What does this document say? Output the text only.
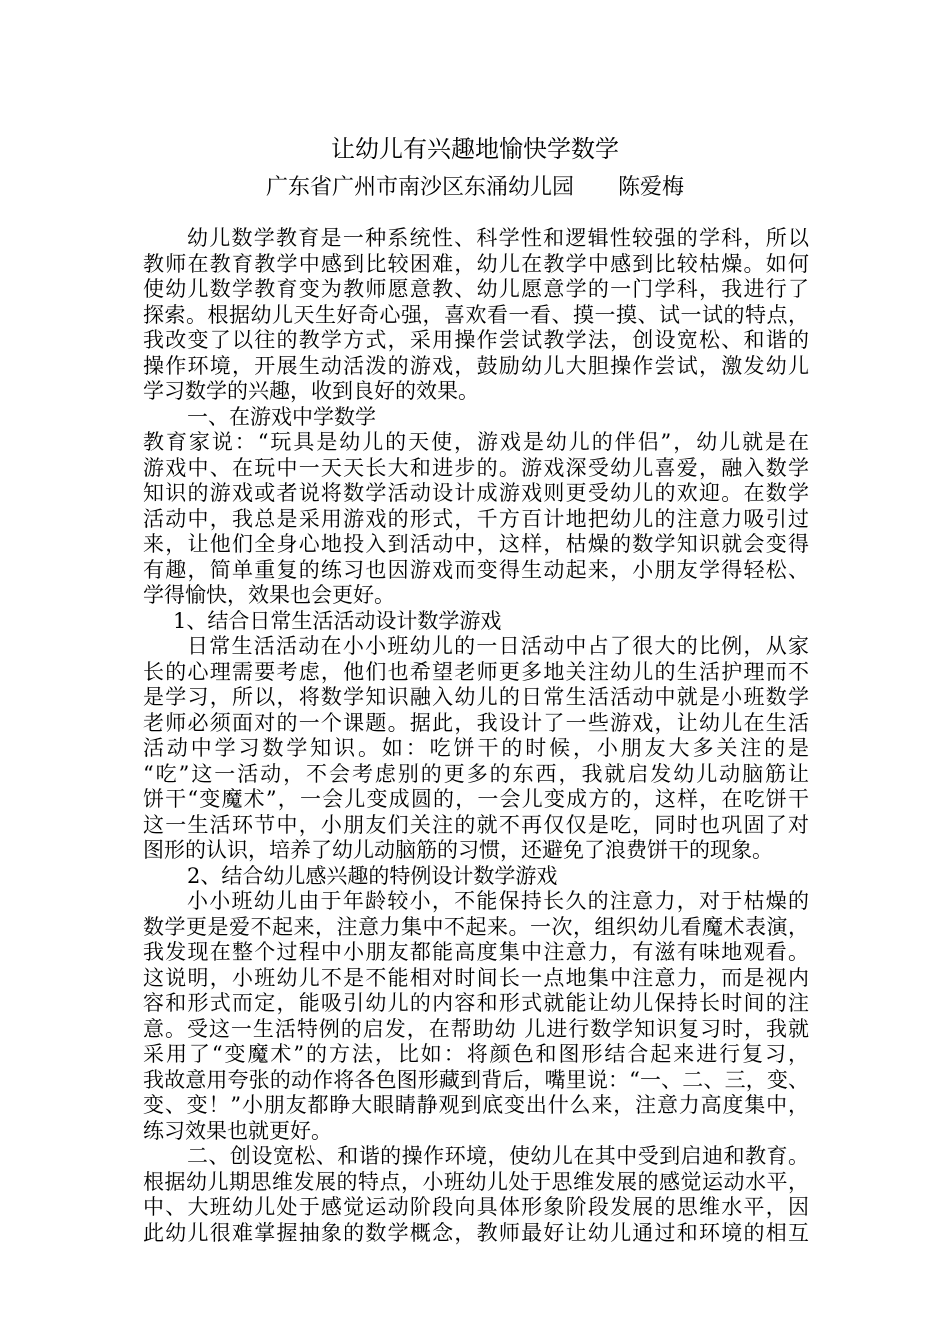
让幼儿有兴趣地愉快学数学
广东省广州市南沙区东涌幼儿园 陈爱梅
幼儿数学教育是一种系统性、科学性和逻辑性较强的学科，所以
教师在教育教学中感到比较困难，幼儿在教学中感到比较枯燥。如何
使幼儿数学教育变为教师愿意教、幼儿愿意学的一门学科，我进行了
探索。根据幼儿天生好奇心强，喜欢看一看、摸一摸、试一试的特点，
我改变了以往的教学方式，采用操作尝试教学法，创设宽松、和谐的
操作环境，开展生动活泼的游戏，鼓励幼儿大胆操作尝试，激发幼儿
学习数学的兴趣，收到良好的效果。
一、在游戏中学数学
教育家说：“玩具是幼儿的天使，游戏是幼儿的伴侣”，幼儿就是在
游戏中、在玩中一天天长大和进步的。游戏深受幼儿喜爱，融入数学
知识的游戏或者说将数学活动设计成游戏则更受幼儿的欢迎。在数学
活动中，我总是采用游戏的形式，千方百计地把幼儿的注意力吸引过
来，让他们全身心地投入到活动中，这样，枯燥的数学知识就会变得
有趣，简单重复的练习也因游戏而变得生动起来，小朋友学得轻松、
学得愉快，效果也会更好。
1、结合日常生活活动设计数学游戏
日常生活活动在小小班幼儿的一日活动中占了很大的比例，从家
长的心理需要考虑，他们也希望老师更多地关注幼儿的生活护理而不
是学习，所以，将数学知识融入幼儿的日常生活活动中就是小班数学
老师必须面对的一个课题。据此，我设计了一些游戏，让幼儿在生活
活动中学习数学知识。如：吃饼干的时候，小朋友大多关注的是
“吃”这一活动，不会考虑别的更多的东西，我就启发幼儿动脑筋让
饼干“变魔术”，一会儿变成圆的，一会儿变成方的，这样，在吃饼干
这一生活环节中，小朋友们关注的就不再仅仅是吃，同时也巩固了对
图形的认识，培养了幼儿动脑筋的习惯，还避免了浪费饼干的现象。
2、结合幼儿感兴趣的特例设计数学游戏
小小班幼儿由于年龄较小，不能保持长久的注意力，对于枯燥的
数学更是爱不起来，注意力集中不起来。一次，组织幼儿看魔术表演，
我发现在整个过程中小朋友都能高度集中注意力，有滋有味地观看。
这说明，小班幼儿不是不能相对时间长一点地集中注意力，而是视内
容和形式而定，能吸引幼儿的内容和形式就能让幼儿保持长时间的注
意。受这一生活特例的启发，在帮助幼 儿进行数学知识复习时，我就
采用了“变魔术”的方法，比如：将颜色和图形结合起来进行复习，
我故意用夸张的动作将各色图形藏到背后，嘴里说：“一、二、三，变、
变、变！”小朋友都睁大眼睛静观到底变出什么来，注意力高度集中，
练习效果也就更好。
二、创设宽松、和谐的操作环境，使幼儿在其中受到启迪和教育。
根据幼儿期思维发展的特点，小班幼儿处于思维发展的感觉运动水平，
中、大班幼儿处于感觉运动阶段向具体形象阶段发展的思维水平，因
此幼儿很难掌握抽象的数学概念，教师最好让幼儿通过和环境的相互
